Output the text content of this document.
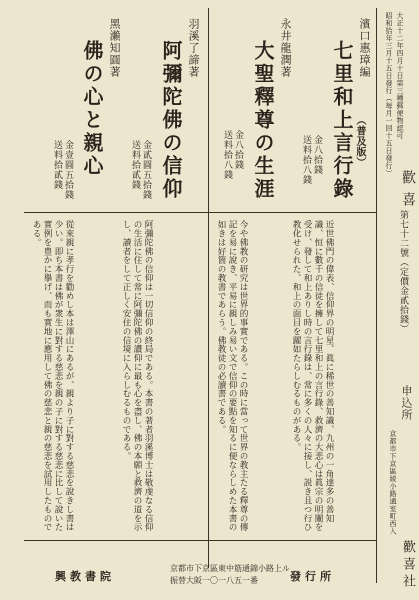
大正十二年四月十日第三種郵便物認可
昭和拾年三月十五日發行（毎月一回十五日發行）
歡喜
第七十二號（定價金貳拾錢）
申込所
京都市下京區綾小路通室町西入
歡喜社
濱口惠璋編
七里和上言行錄 （普及版）
金八拾錢
送料拾八錢
永井龍潤著
大聖釋尊の生涯
金八拾錢
送料拾八錢
羽溪了諦著
阿彌陀佛の信仰
金貳圓五拾錢
送料拾貳錢
黑瀨知圓著
佛の心と親心
金壹圓五拾錢
送料拾貳錢
近世佛門の偉表、信仰界の明星、眞に稀世の善知識、九州の一角達多の善知識、恒に數千の信徒を擁して七里和上の言行錄、救濟の大悲心は眞宗の明闡を受け、發して和上ありし時の言行錄は、常に多くの人々に接し、説き且つ行ひ教化せられた、和上の面目を躍如たらしむるものがある。
今や佛教の研究は世界的事實である。この時に當って世界の教主たる釋尊の傳記を易に說き、平易に親しみ易い文で信仰の要點を知るに便ならしめた本書の如きは好箇の教書であらう。佛教徒の必讀書である。
阿彌陀佛の信仰は一切信仰の終局である。本書の著者羽溪博士は敬虔なる信仰の生活に住して常に阿彌陀佛の讚仰に最も心を盡し、佛の本願と救濟の道を示し、讀者をして正しく安住の信境に入らしむるものである。
從來親に孝行を勸めし本は澤山にあるが、親より子に對する慈悲を說きし書は少い。即ち本書は佛が衆生に對する慈悲を親の子に對する慈悲に比して說いた實例を豊かに擧げ、而も實地に應用して佛の慈悲と親の慈悲を試用したものである。
發行所
京都市下京區東中筋通錦小路上ル
振替大阪一〇一八五一番
興教書院
